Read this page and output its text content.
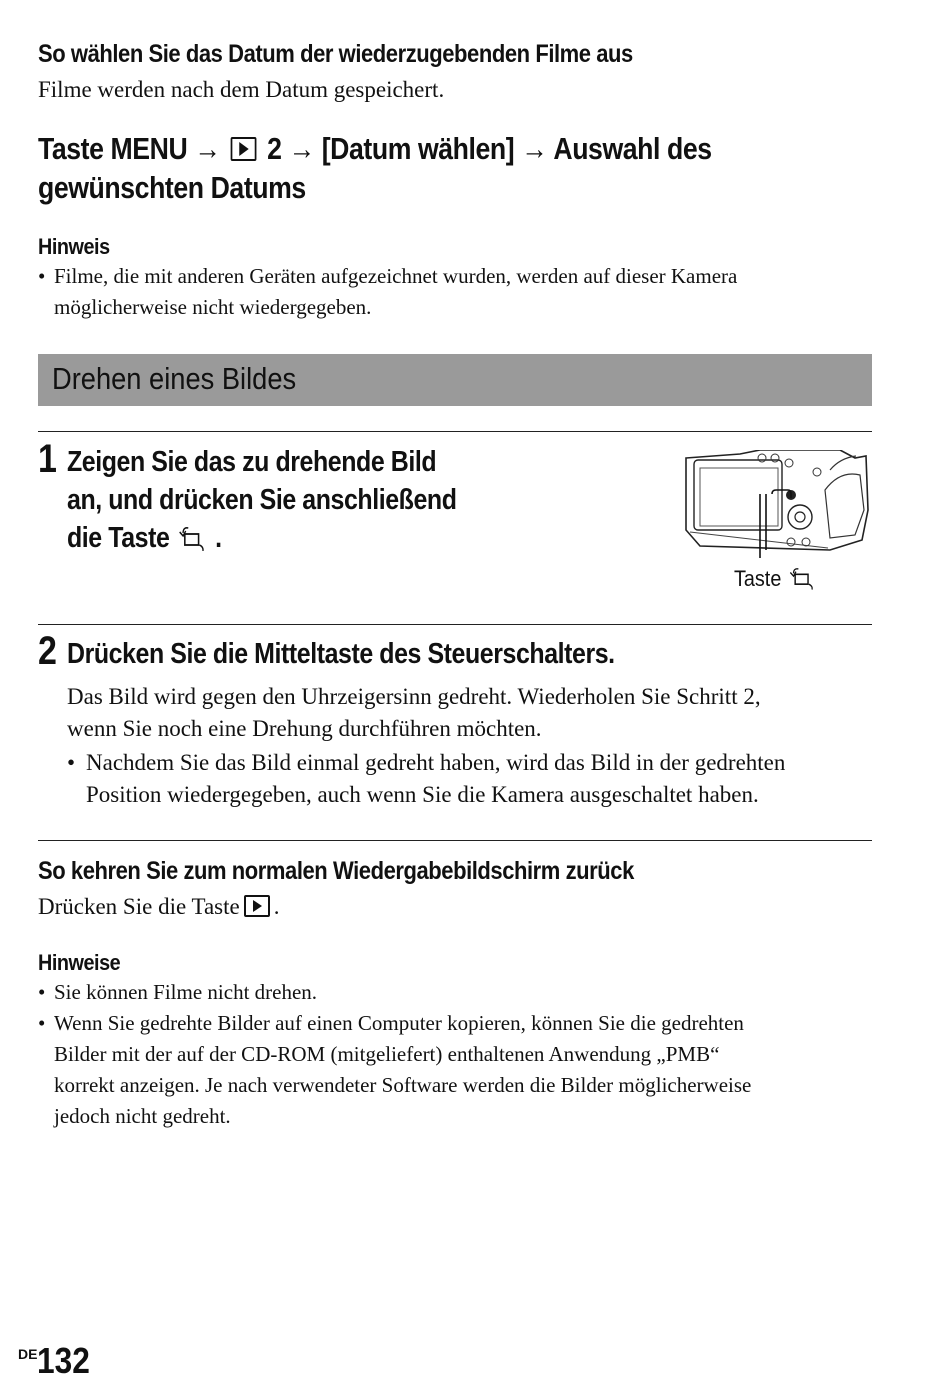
So wählen Sie das Datum der wiederzugebenden Filme aus
Filme werden nach dem Datum gespeichert.
Taste MENU → 2 → [Datum wählen] → Auswahl des
gewünschten Datums
Hinweis
• Filme, die mit anderen Geräten aufgezeichnet wurden, werden auf dieser Kamera
möglicherweise nicht wiedergegeben.
Drehen eines Bildes
1 Zeigen Sie das zu drehende Bild
an, und drücken Sie anschließend
die Taste .
Taste
2 Drücken Sie die Mitteltaste des Steuerschalters.
Das Bild wird gegen den Uhrzeigersinn gedreht. Wiederholen Sie Schritt 2,
wenn Sie noch eine Drehung durchführen möchten.
• Nachdem Sie das Bild einmal gedreht haben, wird das Bild in der gedrehten
Position wiedergegeben, auch wenn Sie die Kamera ausgeschaltet haben.
So kehren Sie zum normalen Wiedergabebildschirm zurück
Drücken Sie die Taste .
Hinweise
• Sie können Filme nicht drehen.
• Wenn Sie gedrehte Bilder auf einen Computer kopieren, können Sie die gedrehten
Bilder mit der auf der CD-ROM (mitgeliefert) enthaltenen Anwendung „PMB“
korrekt anzeigen. Je nach verwendeter Software werden die Bilder möglicherweise
jedoch nicht gedreht.
DE132
